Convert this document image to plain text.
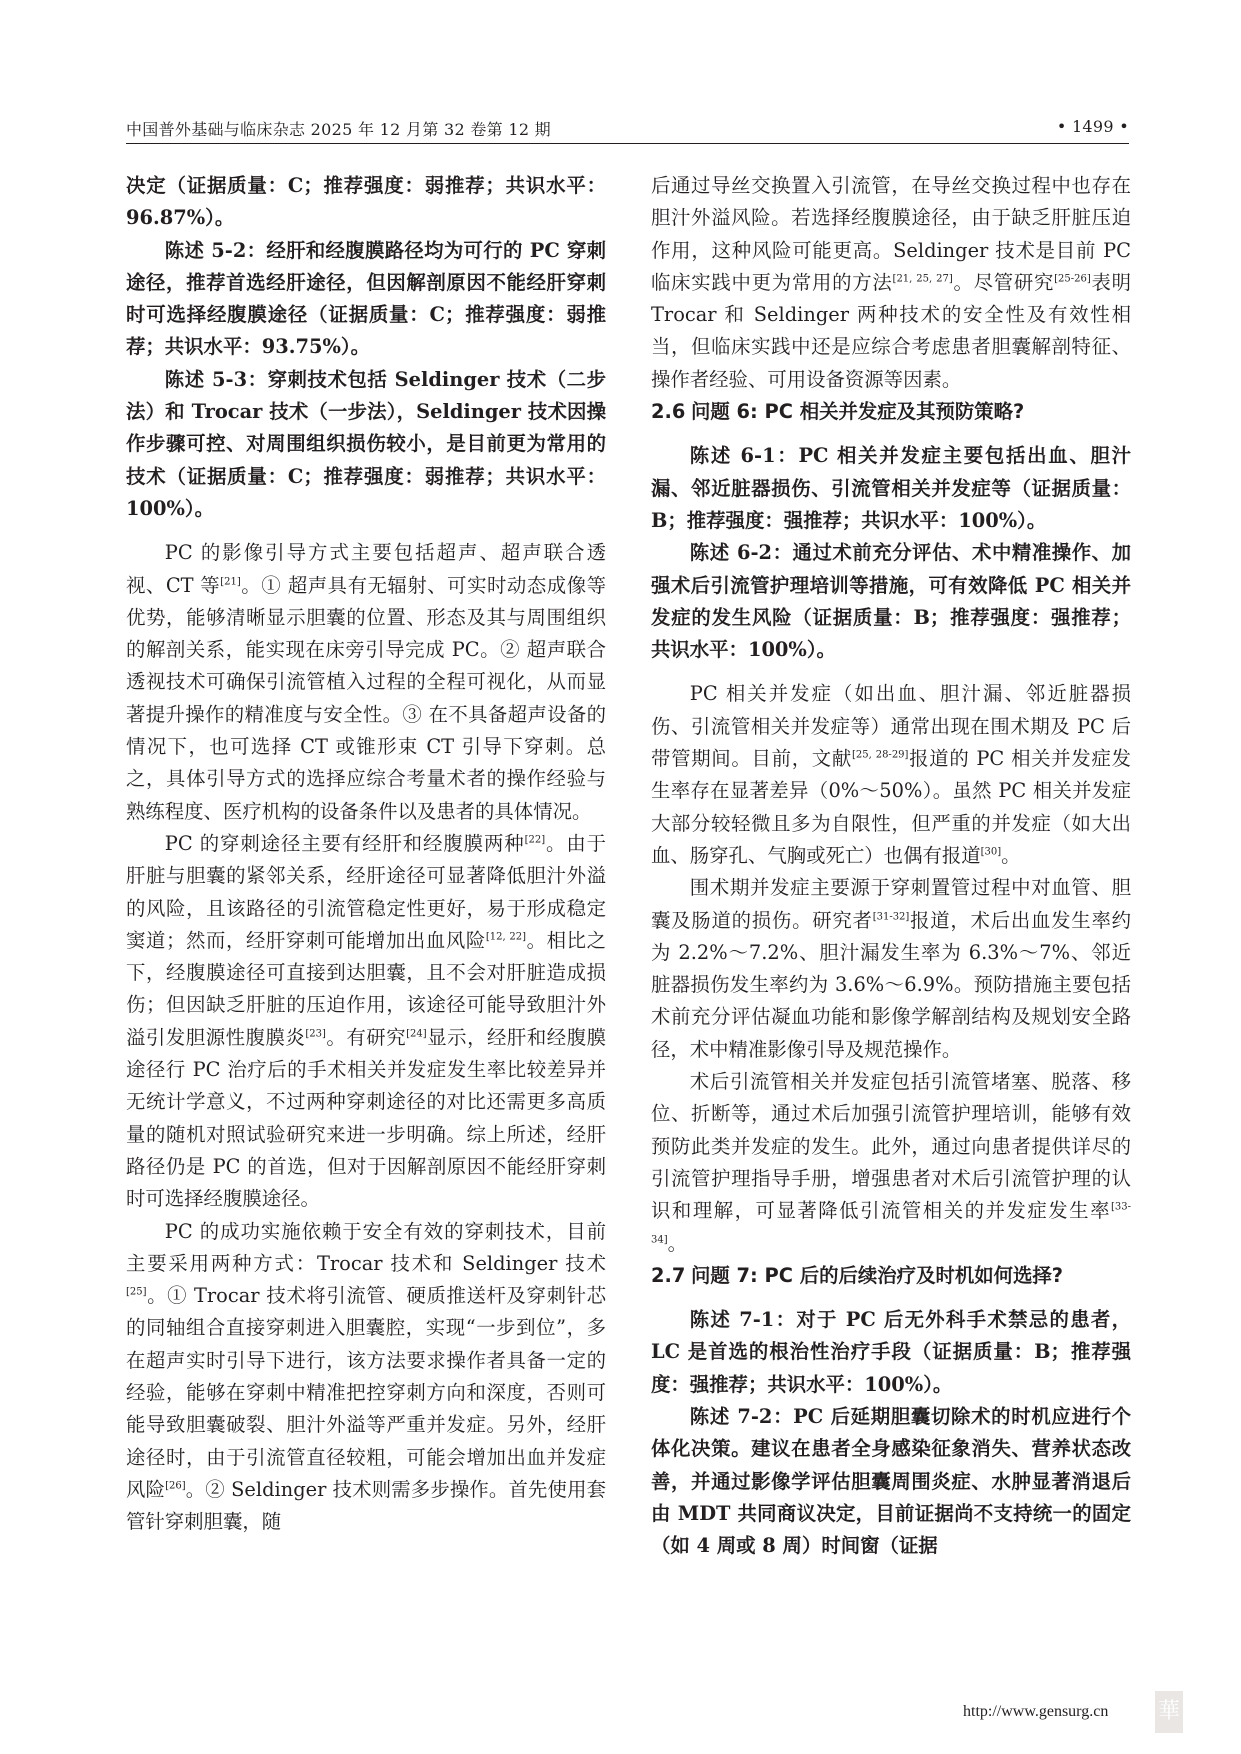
中国普外基础与临床杂志 2025 年 12 月第 32 卷第 12 期	• 1499 •

决定（证据质量：C；推荐强度：弱推荐；共识水平：96.87%）。

陈述 5-2：经肝和经腹膜路径均为可行的 PC 穿刺途径，推荐首选经肝途径，但因解剖原因不能经肝穿刺时可选择经腹膜途径（证据质量：C；推荐强度：弱推荐；共识水平：93.75%）。

陈述 5-3：穿刺技术包括 Seldinger 技术（二步法）和 Trocar 技术（一步法），Seldinger 技术因操作步骤可控、对周围组织损伤较小，是目前更为常用的技术（证据质量：C；推荐强度：弱推荐；共识水平：100%）。

PC 的影像引导方式主要包括超声、超声联合透视、CT 等[21]。① 超声具有无辐射、可实时动态成像等优势，能够清晰显示胆囊的位置、形态及其与周围组织的解剖关系，能实现在床旁引导完成 PC。② 超声联合透视技术可确保引流管植入过程的全程可视化，从而显著提升操作的精准度与安全性。③ 在不具备超声设备的情况下，也可选择 CT 或锥形束 CT 引导下穿刺。总之，具体引导方式的选择应综合考量术者的操作经验与熟练程度、医疗机构的设备条件以及患者的具体情况。

PC 的穿刺途径主要有经肝和经腹膜两种[22]。由于肝脏与胆囊的紧邻关系，经肝途径可显著降低胆汁外溢的风险，且该路径的引流管稳定性更好，易于形成稳定窦道；然而，经肝穿刺可能增加出血风险[12, 22]。相比之下，经腹膜途径可直接到达胆囊，且不会对肝脏造成损伤；但因缺乏肝脏的压迫作用，该途径可能导致胆汁外溢引发胆源性腹膜炎[23]。有研究[24]显示，经肝和经腹膜途径行 PC 治疗后的手术相关并发症发生率比较差异并无统计学意义，不过两种穿刺途径的对比还需更多高质量的随机对照试验研究来进一步明确。综上所述，经肝路径仍是 PC 的首选，但对于因解剖原因不能经肝穿刺时可选择经腹膜途径。

PC 的成功实施依赖于安全有效的穿刺技术，目前主要采用两种方式：Trocar 技术和 Seldinger 技术[25]。① Trocar 技术将引流管、硬质推送杆及穿刺针芯的同轴组合直接穿刺进入胆囊腔，实现“一步到位”，多在超声实时引导下进行，该方法要求操作者具备一定的经验，能够在穿刺中精准把控穿刺方向和深度，否则可能导致胆囊破裂、胆汁外溢等严重并发症。另外，经肝途径时，由于引流管直径较粗，可能会增加出血并发症风险[26]。② Seldinger 技术则需多步操作。首先使用套管针穿刺胆囊，随

后通过导丝交换置入引流管，在导丝交换过程中也存在胆汁外溢风险。若选择经腹膜途径，由于缺乏肝脏压迫作用，这种风险可能更高。Seldinger 技术是目前 PC 临床实践中更为常用的方法[21, 25, 27]。尽管研究[25-26]表明 Trocar 和 Seldinger 两种技术的安全性及有效性相当，但临床实践中还是应综合考虑患者胆囊解剖特征、操作者经验、可用设备资源等因素。

2.6 问题 6: PC 相关并发症及其预防策略?

陈述 6-1：PC 相关并发症主要包括出血、胆汁漏、邻近脏器损伤、引流管相关并发症等（证据质量：B；推荐强度：强推荐；共识水平：100%）。

陈述 6-2：通过术前充分评估、术中精准操作、加强术后引流管护理培训等措施，可有效降低 PC 相关并发症的发生风险（证据质量：B；推荐强度：强推荐；共识水平：100%）。

PC 相关并发症（如出血、胆汁漏、邻近脏器损伤、引流管相关并发症等）通常出现在围术期及 PC 后带管期间。目前，文献[25, 28-29]报道的 PC 相关并发症发生率存在显著差异（0%～50%）。虽然 PC 相关并发症大部分较轻微且多为自限性，但严重的并发症（如大出血、肠穿孔、气胸或死亡）也偶有报道[30]。

围术期并发症主要源于穿刺置管过程中对血管、胆囊及肠道的损伤。研究者[31-32]报道，术后出血发生率约为 2.2%～7.2%、胆汁漏发生率为 6.3%～7%、邻近脏器损伤发生率约为 3.6%～6.9%。预防措施主要包括术前充分评估凝血功能和影像学解剖结构及规划安全路径，术中精准影像引导及规范操作。

术后引流管相关并发症包括引流管堵塞、脱落、移位、折断等，通过术后加强引流管护理培训，能够有效预防此类并发症的发生。此外，通过向患者提供详尽的引流管护理指导手册，增强患者对术后引流管护理的认识和理解，可显著降低引流管相关的并发症发生率[33-34]。

2.7 问题 7: PC 后的后续治疗及时机如何选择?

陈述 7-1：对于 PC 后无外科手术禁忌的患者，LC 是首选的根治性治疗手段（证据质量：B；推荐强度：强推荐；共识水平：100%）。

陈述 7-2：PC 后延期胆囊切除术的时机应进行个体化决策。建议在患者全身感染征象消失、营养状态改善，并通过影像学评估胆囊周围炎症、水肿显著消退后由 MDT 共同商议决定，目前证据尚不支持统一的固定（如 4 周或 8 周）时间窗（证据

http://www.gensurg.cn 華
